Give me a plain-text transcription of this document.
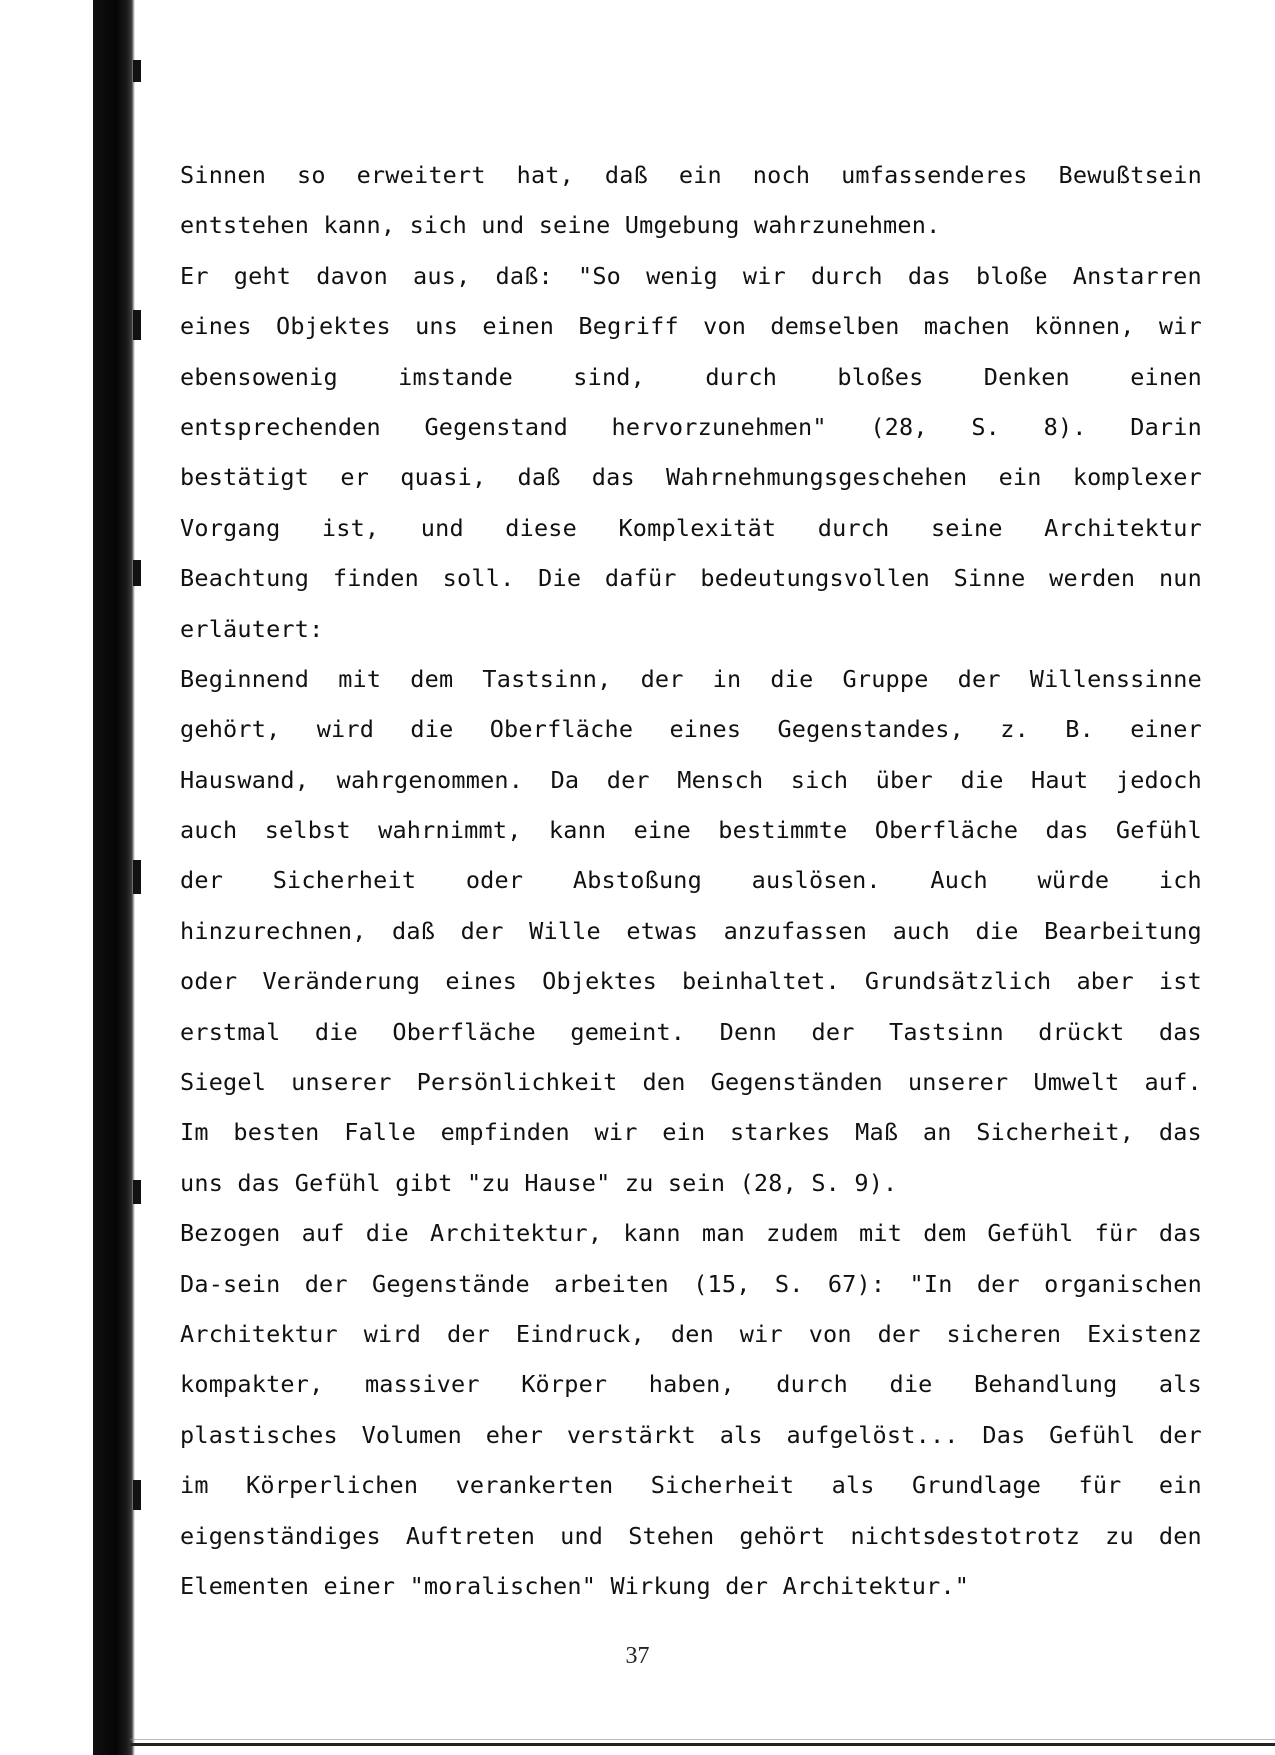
Sinnen so erweitert hat, daß ein noch umfassenderes Bewußtsein
entstehen kann, sich und seine Umgebung wahrzunehmen.
Er geht davon aus, daß: "So wenig wir durch das bloße Anstarren
eines Objektes uns einen Begriff von demselben machen können, wir
ebensowenig	imstande	sind,	durch	bloßes	Denken	einen
entsprechenden Gegenstand hervorzunehmen" (28, S. 8). Darin
bestätigt er quasi, daß das Wahrnehmungsgeschehen ein komplexer
Vorgang ist, und diese Komplexität durch seine Architektur
Beachtung finden soll. Die dafür bedeutungsvollen Sinne werden nun
erläutert:
Beginnend mit dem Tastsinn, der in die Gruppe der Willenssinne
gehört, wird die Oberfläche eines Gegenstandes, z. B. einer
Hauswand, wahrgenommen. Da der Mensch sich über die Haut jedoch
auch selbst wahrnimmt, kann eine bestimmte Oberfläche das Gefühl
der Sicherheit oder Abstoßung auslösen. Auch würde ich
hinzurechnen, daß der Wille etwas anzufassen auch die Bearbeitung
oder Veränderung eines Objektes beinhaltet. Grundsätzlich aber ist
erstmal die Oberfläche gemeint. Denn der Tastsinn drückt das
Siegel unserer Persönlichkeit den Gegenständen unserer Umwelt auf.
Im besten Falle empfinden wir ein starkes Maß an Sicherheit, das
uns das Gefühl gibt "zu Hause" zu sein (28, S. 9).
Bezogen auf die Architektur, kann man zudem mit dem Gefühl für das
Da-sein der Gegenstände arbeiten (15, S. 67): "In der organischen
Architektur wird der Eindruck, den wir von der sicheren Existenz
kompakter, massiver Körper haben, durch die Behandlung als
plastisches Volumen eher verstärkt als aufgelöst... Das Gefühl der
im Körperlichen verankerten Sicherheit als Grundlage für ein
eigenständiges Auftreten und Stehen gehört nichtsdestotrotz zu den
Elementen einer "moralischen" Wirkung der Architektur."
37
